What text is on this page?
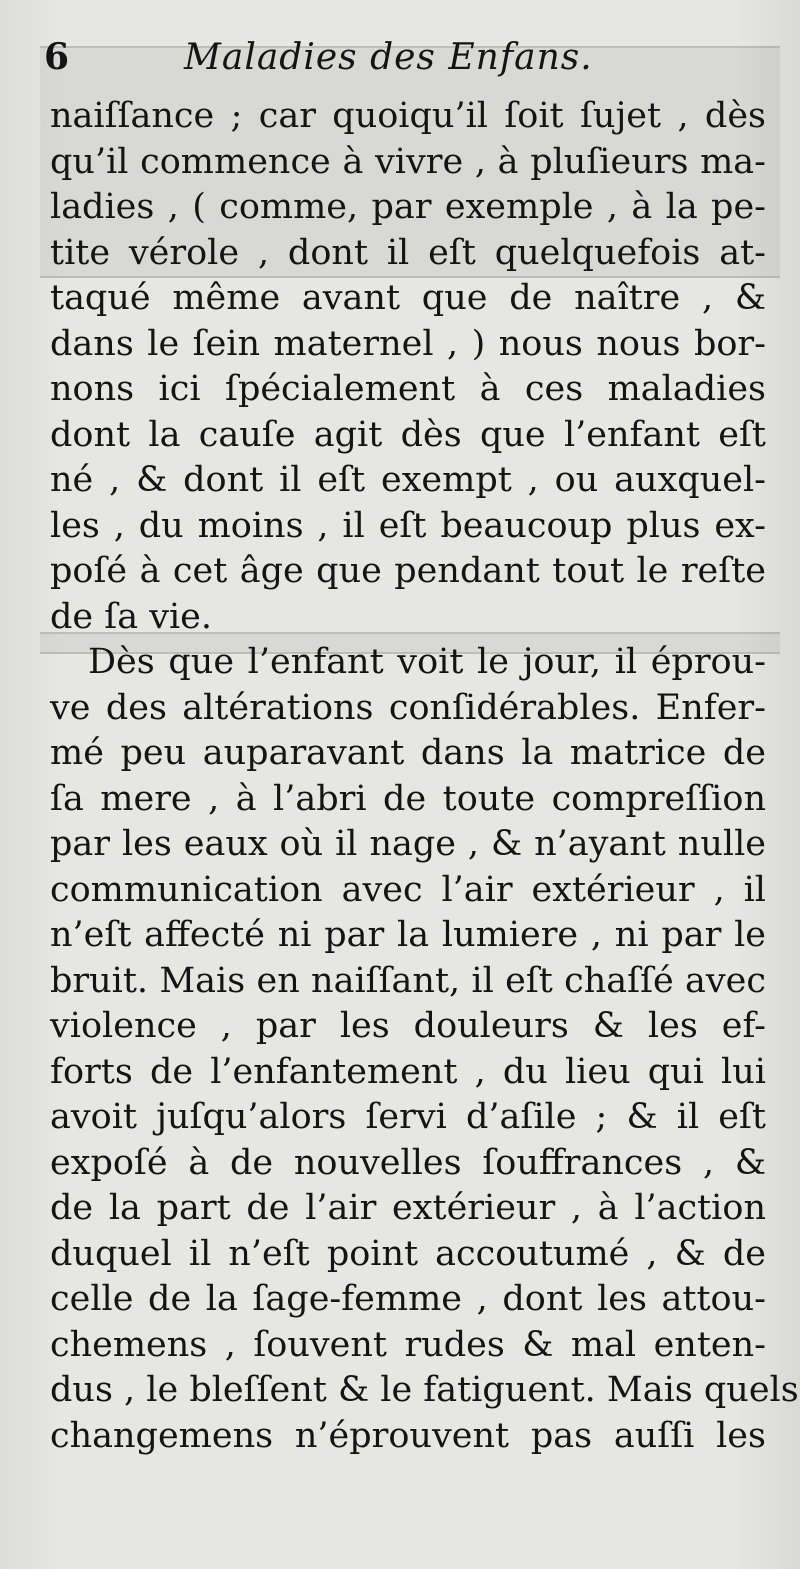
6	Maladies des Enfans.
naiſſance ; car quoiqu’il ſoit ſujet , dès
qu’il commence à vivre , à pluſieurs ma-
ladies , ( comme, par exemple , à la pe-
tite vérole , dont il eſt quelquefois at-
taqué même avant que de naître , &
dans le ſein maternel , ) nous nous bor-
nons ici ſpécialement à ces maladies
dont la cauſe agit dès que l’enfant eſt
né , & dont il eſt exempt , ou auxquel-
les , du moins , il eſt beaucoup plus ex-
poſé à cet âge que pendant tout le reſte
de ſa vie.
Dès que l’enfant voit le jour, il éprou-
ve des altérations conſidérables. Enfer-
mé peu auparavant dans la matrice de
ſa mere , à l’abri de toute compreſſion
par les eaux où il nage , & n’ayant nulle
communication avec l’air extérieur , il
n’eſt affecté ni par la lumiere , ni par le
bruit. Mais en naiſſant, il eſt chaſſé avec
violence , par les douleurs & les ef-
forts de l’enfantement , du lieu qui lui
avoit juſqu’alors ſervi d’aſile ; & il eſt
expoſé à de nouvelles ſouffrances , &
de la part de l’air extérieur , à l’action
duquel il n’eſt point accoutumé , & de
celle de la ſage-femme , dont les attou-
chemens , ſouvent rudes & mal enten-
dus , le bleſſent & le fatiguent. Mais quels
changemens n’éprouvent pas auſſi les
